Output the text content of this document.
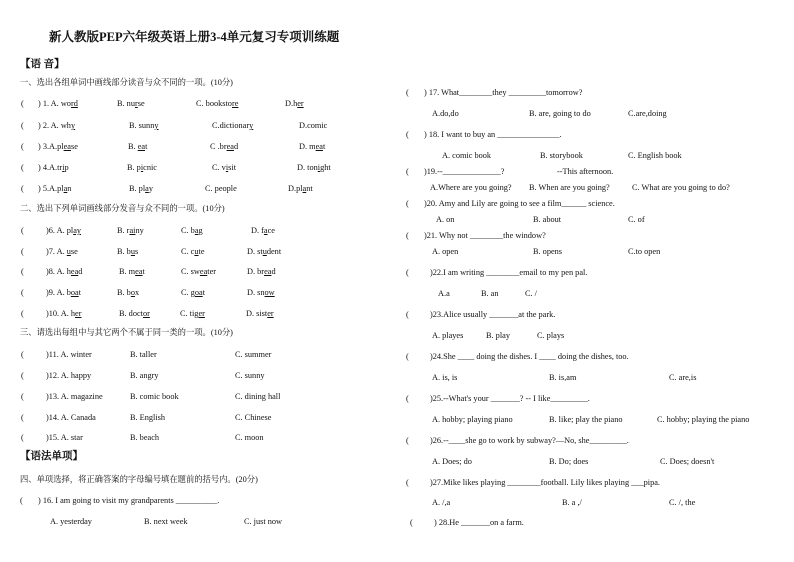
新人教版PEP六年级英语上册3-4单元复习专项训练题
【语 音】
一、选出各组单词中画线部分读音与众不同的一项。(10分)
( ) 1. A. word	B. nurse	C. bookstore	D.her
( ) 2. A. why	B. sunny	C.dictionary	D.comic
( ) 3.A.please	B. eat	C .bread	D. meat
( ) 4.A.trip	B. picnic	C. visit	D. tonight
( ) 5.A.plan	B. play	C. people	D.plant
二、选出下列单词画线部分发音与众不同的一项。(10分)
(	)6. A. play	B. rainy	C. bag	D. face
(	)7. A. use	B. bus	C. cute	D. student
(	)8. A. head	B. meat	C. sweater	D. bread
(	)9. A. boat	B. box	C. goat	D. snow
(	)10. A. her	B. doctor	C. tiger	D. sister
三、请选出每组中与其它两个不属于同一类的一项。(10分)
(	)11. A. winter	B. taller	C. summer
(	)12. A. happy	B. angry	C. sunny
(	)13. A. magazine	B. comic book	C. dining hall
(	)14. A. Canada	B. English	C. Chinese
(	)15. A. star	B. beach	C. moon
【语法单项】
四、单项选择，将正确答案的字母编号填在题前的括号内。(20分)
( ) 16. I am going to visit my grandparents __________.
A. yesterday	B. next week	C. just now
( ) 17. What________they _________tomorrow?
A.do,do	B. are, going to do	C.are,doing
( ) 18. I want to buy an _______________.
A. comic book	B. storybook	C. English book
( )19.--______________?	--This afternoon.
A.Where are you going? B. When are you going?	C. What are you going to do?
( )20. Amy and Lily are going to see a film______ science.
A. on	B. about	C. of
( )21. Why not ________the window?
A. open	B. opens	C.to open
(	)22.I am writing ________email to my pen pal.
A.a	B. an	C. /
(	)23.Alice usually _______at the park.
A. playes	B. play	C. plays
(	)24.She ____ doing the dishes. I ____ doing the dishes, too.
A. is, is	B. is,am	C. are,is
(	)25.--What's your _______? -- I like_________.
A. hobby; playing piano	B. like; play the piano	C. hobby; playing the piano
(	)26.--____she go to work by subway?—No, she_________.
A. Does; do	B. Do; does	C. Does; doesn't
(	)27.Mike likes playing ________football. Lily likes playing ___pipa.
A. /,a	B. a ,/	C. /, the
(	) 28.He _______on a farm.
